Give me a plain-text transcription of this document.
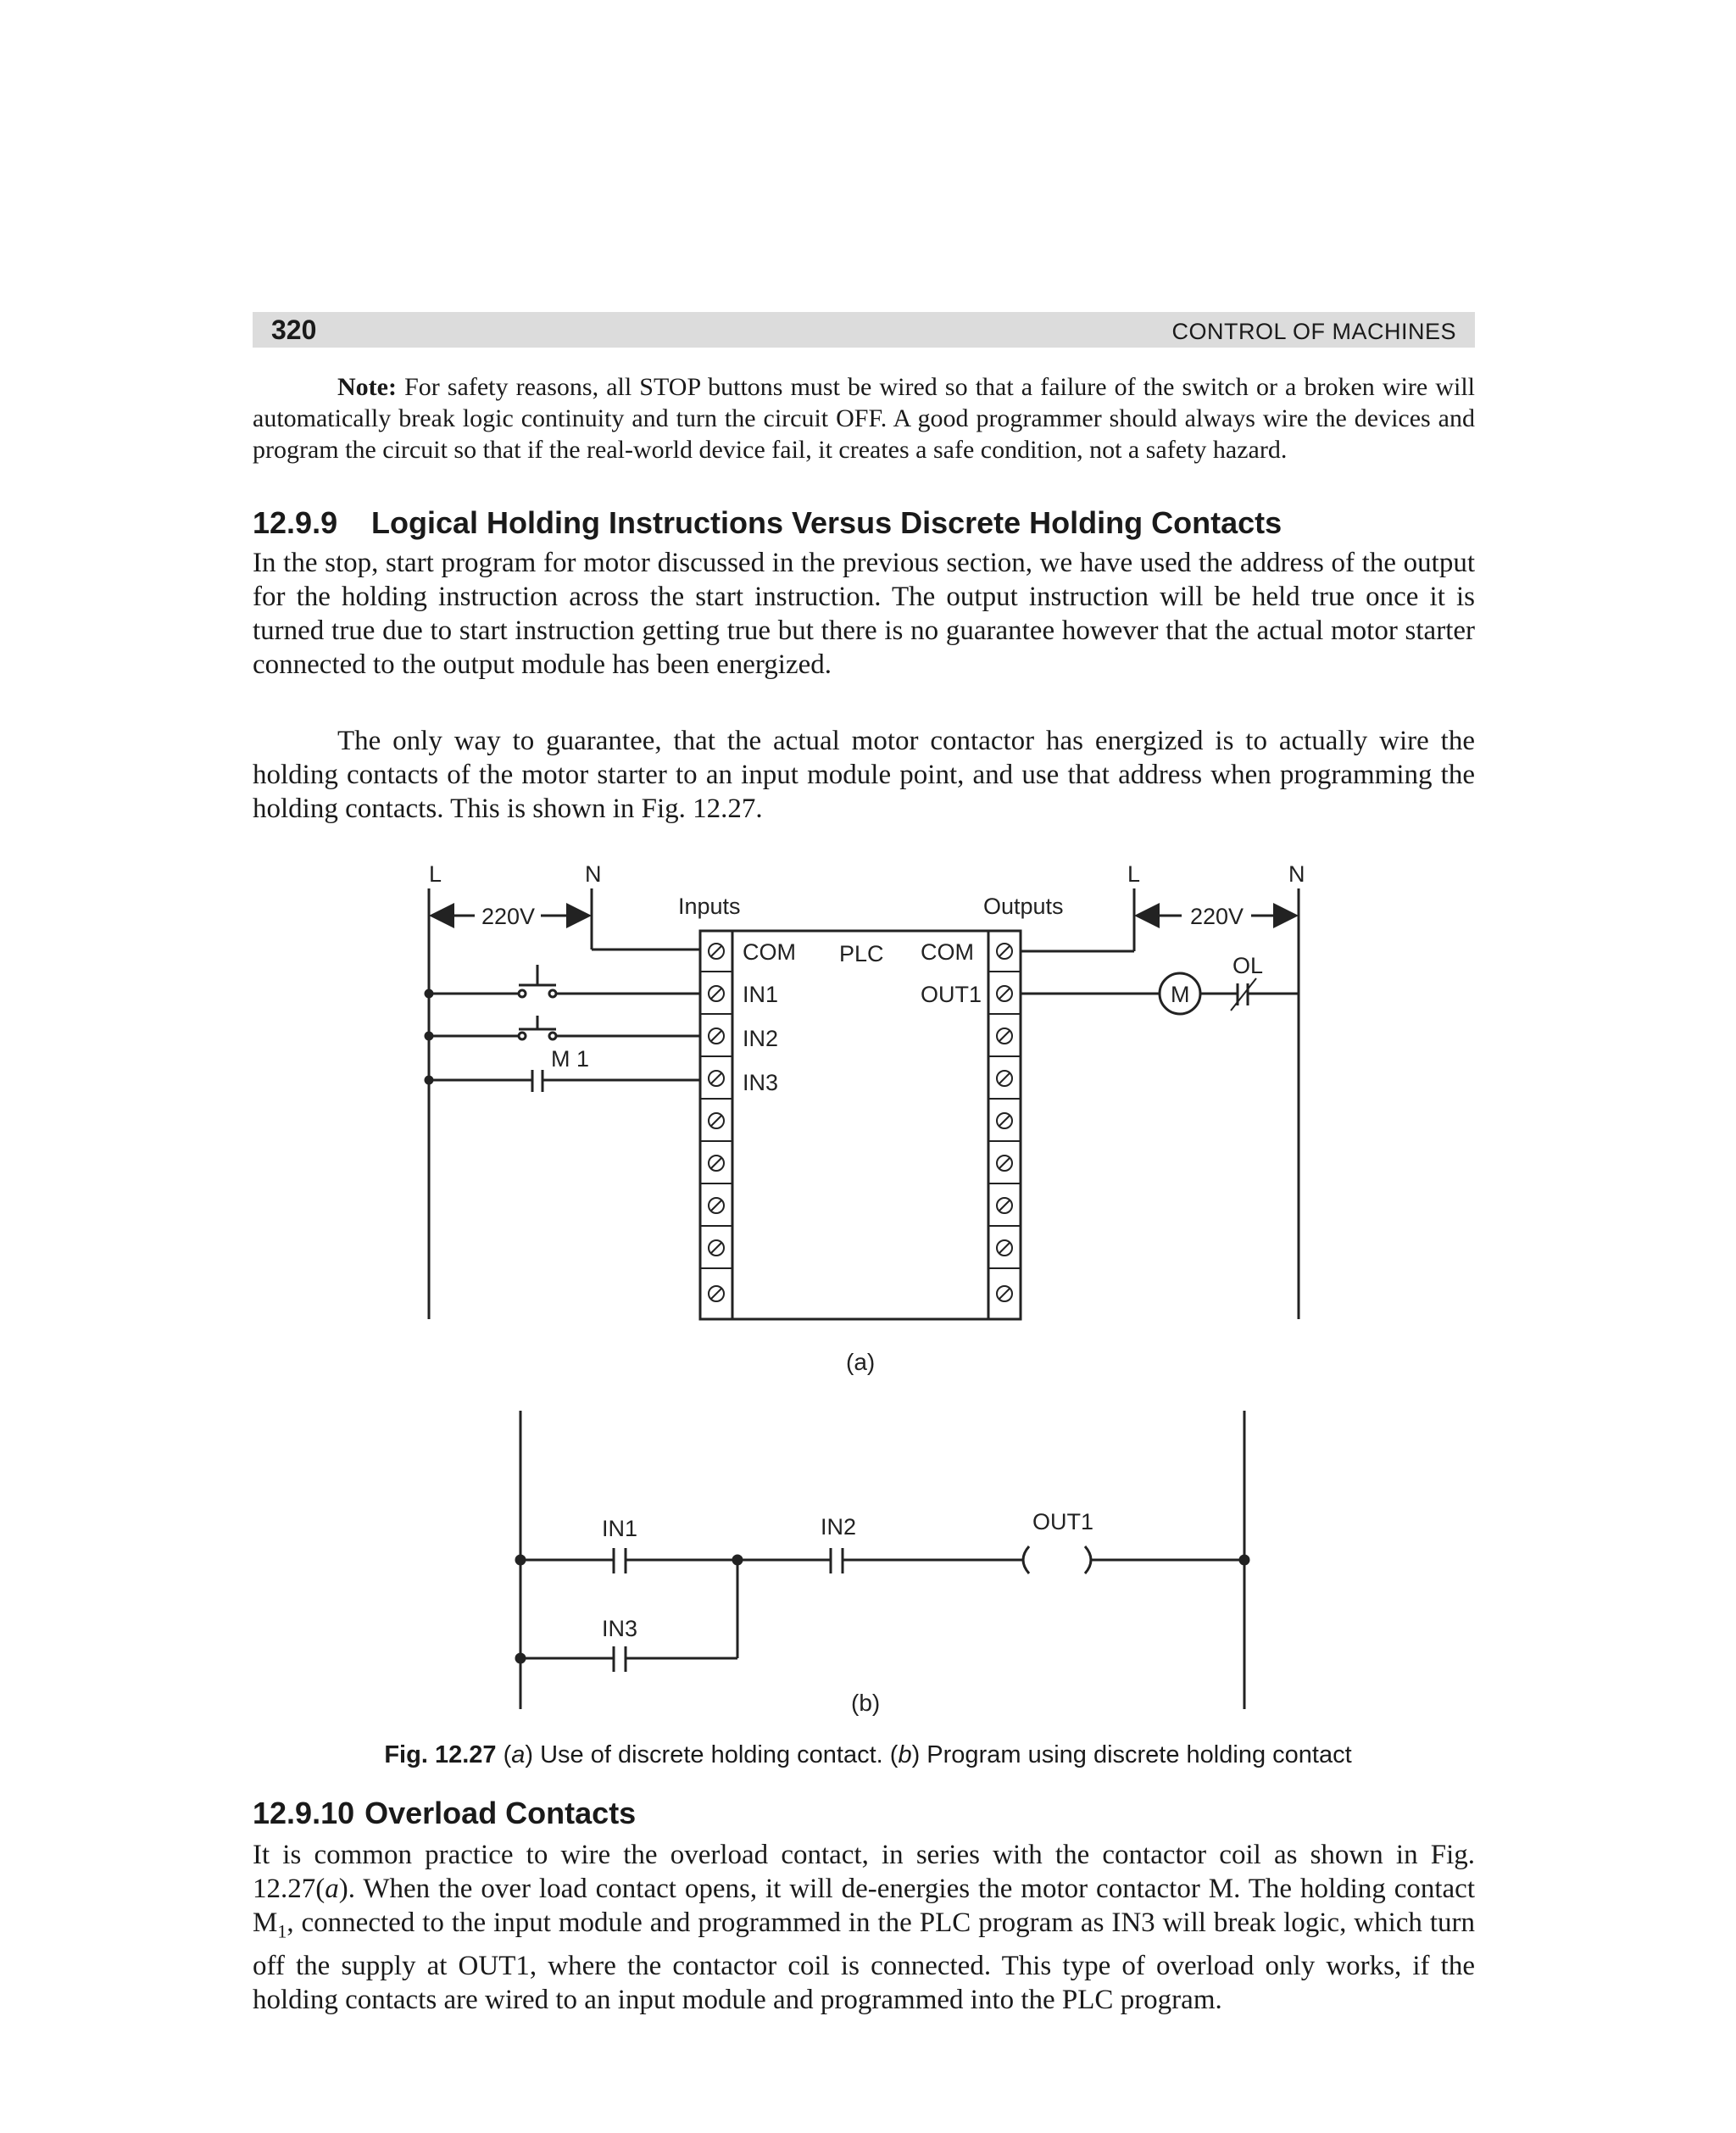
320	CONTROL OF MACHINES
Note: For safety reasons, all STOP buttons must be wired so that a failure of the switch or a broken wire will automatically break logic continuity and turn the circuit OFF. A good programmer should always wire the devices and program the circuit so that if the real-world device fail, it creates a safe condition, not a safety hazard.
12.9.9 Logical Holding Instructions Versus Discrete Holding Contacts
In the stop, start program for motor discussed in the previous section, we have used the address of the output for the holding instruction across the start instruction. The output instruction will be held true once it is turned true due to start instruction getting true but there is no guarantee however that the actual motor starter connected to the output module has been energized.
The only way to guarantee, that the actual motor contactor has energized is to actually wire the holding contacts of the motor starter to an input module point, and use that address when programming the holding contacts. This is shown in Fig. 12.27.
L	N	L	N
220V	Inputs	Outputs
PLC
COM
IN1
IN2
IN3
COM
OUT1
M 1
220V
M
OL
(a)
IN1	IN2	OUT1
IN3
(b)
Fig. 12.27 (a) Use of discrete holding contact. (b) Program using discrete holding contact
12.9.10 Overload Contacts
It is common practice to wire the overload contact, in series with the contactor coil as shown in Fig. 12.27(a). When the over load contact opens, it will de-energies the motor contactor M. The holding contact $M_1$, connected to the input module and programmed in the PLC program as IN3 will break logic, which turn off the supply at OUT1, where the contactor coil is connected. This type of overload only works, if the holding contacts are wired to an input module and programmed into the PLC program.
